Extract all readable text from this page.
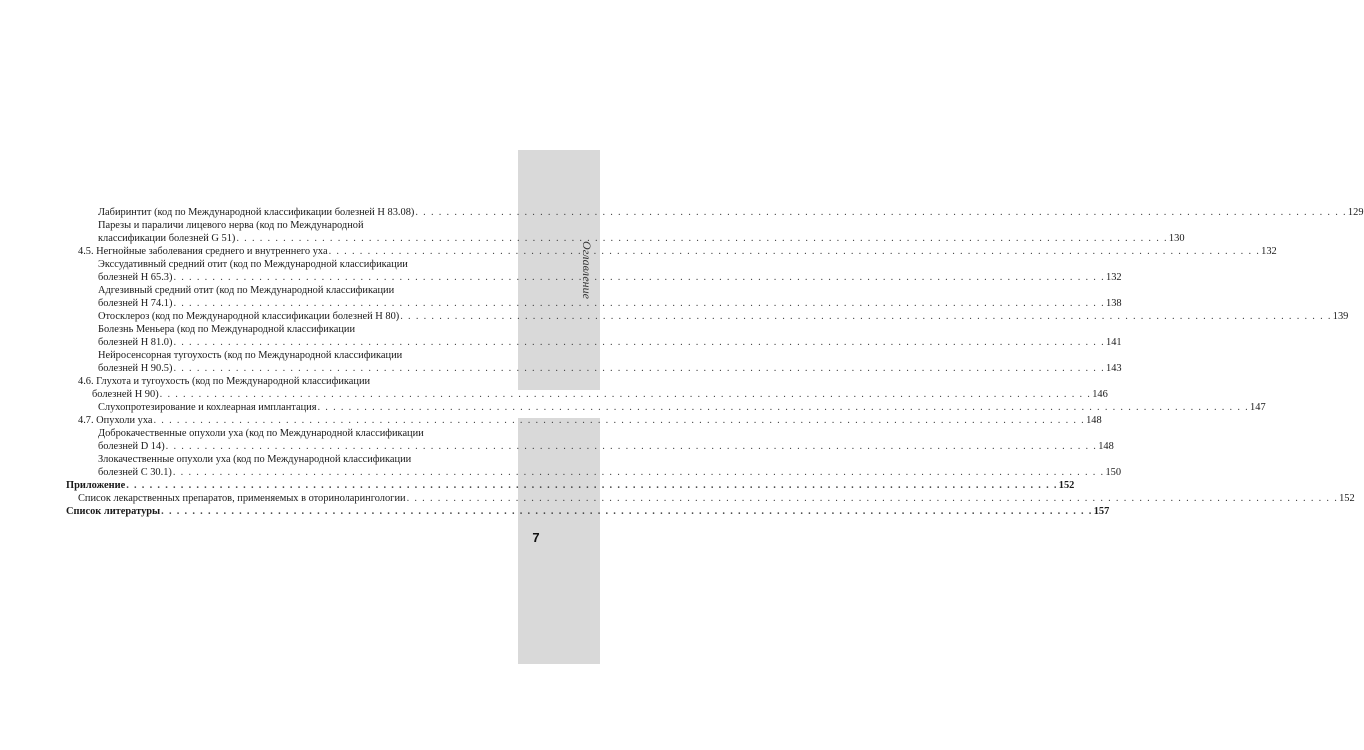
Оглавление
7
Лабиринтит (код по Международной классификации болезней H 83.08) . . . . . . . . . . . . . . . . . . . . . . . . . . . . . . . . . . . . . . . . . . . . . . . . . . . . . . . . . . . . . . . . . . . . . . . . . . . . . . . . . . . . . . . . . . . . . . . . . . . . . . . . . . . . . . . . . . . . . . . . 129
Парезы и параличи лицевого нерва (код по Международной
классификации болезней G 51) . . . . . . . . . . . . . . . . . . . . . . . . . . . . . . . . . . . . . . . . . . . . . . . . . . . . . . . . . . . . . . . . . . . . . . . . . . . . . . . . . . . . . . . . . . . . . . . . . . . . . . . . . . . . . . . . . . . . . . . . 130
4.5. Негнойные заболевания среднего и внутреннего уха . . . . . . . . . . . . . . . . . . . . . . . . . . . . . . . . . . . . . . . . . . . . . . . . . . . . . . . . . . . . . . . . . . . . . . . . . . . . . . . . . . . . . . . . . . . . . . . . . . . . . . . . . . . . . . . . . . . . . . . . 132
Экссудативный средний отит (код по Международной классификации
болезней H 65.3) . . . . . . . . . . . . . . . . . . . . . . . . . . . . . . . . . . . . . . . . . . . . . . . . . . . . . . . . . . . . . . . . . . . . . . . . . . . . . . . . . . . . . . . . . . . . . . . . . . . . . . . . . . . . . . . . . . . . . . . . 132
Адгезивный средний отит (код по Международной классификации
болезней H 74.1) . . . . . . . . . . . . . . . . . . . . . . . . . . . . . . . . . . . . . . . . . . . . . . . . . . . . . . . . . . . . . . . . . . . . . . . . . . . . . . . . . . . . . . . . . . . . . . . . . . . . . . . . . . . . . . . . . . . . . . . . 138
Отосклероз (код по Международной классификации болезней H 80) . . . . . . . . . . . . . . . . . . . . . . . . . . . . . . . . . . . . . . . . . . . . . . . . . . . . . . . . . . . . . . . . . . . . . . . . . . . . . . . . . . . . . . . . . . . . . . . . . . . . . . . . . . . . . . . . . . . . . . . . 139
Болезнь Меньера (код по Международной классификации
болезней H 81.0) . . . . . . . . . . . . . . . . . . . . . . . . . . . . . . . . . . . . . . . . . . . . . . . . . . . . . . . . . . . . . . . . . . . . . . . . . . . . . . . . . . . . . . . . . . . . . . . . . . . . . . . . . . . . . . . . . . . . . . . . 141
Нейросенсорная тугоухость (код по Международной классификации
болезней H 90.5) . . . . . . . . . . . . . . . . . . . . . . . . . . . . . . . . . . . . . . . . . . . . . . . . . . . . . . . . . . . . . . . . . . . . . . . . . . . . . . . . . . . . . . . . . . . . . . . . . . . . . . . . . . . . . . . . . . . . . . . . 143
4.6. Глухота и тугоухость (код по Международной классификации
болезней H 90) . . . . . . . . . . . . . . . . . . . . . . . . . . . . . . . . . . . . . . . . . . . . . . . . . . . . . . . . . . . . . . . . . . . . . . . . . . . . . . . . . . . . . . . . . . . . . . . . . . . . . . . . . . . . . . . . . . . . . . . . 146
Слухопротезирование и кохлеарная имплантация . . . . . . . . . . . . . . . . . . . . . . . . . . . . . . . . . . . . . . . . . . . . . . . . . . . . . . . . . . . . . . . . . . . . . . . . . . . . . . . . . . . . . . . . . . . . . . . . . . . . . . . . . . . . . . . . . . . . . . . . 147
4.7. Опухоли уха . . . . . . . . . . . . . . . . . . . . . . . . . . . . . . . . . . . . . . . . . . . . . . . . . . . . . . . . . . . . . . . . . . . . . . . . . . . . . . . . . . . . . . . . . . . . . . . . . . . . . . . . . . . . . . . . . . . . . . . . 148
Доброкачественные опухоли уха (код по Международной классификации
болезней D 14) . . . . . . . . . . . . . . . . . . . . . . . . . . . . . . . . . . . . . . . . . . . . . . . . . . . . . . . . . . . . . . . . . . . . . . . . . . . . . . . . . . . . . . . . . . . . . . . . . . . . . . . . . . . . . . . . . . . . . . . . 148
Злокачественные опухоли уха (код по Международной классификации
болезней C 30.1) . . . . . . . . . . . . . . . . . . . . . . . . . . . . . . . . . . . . . . . . . . . . . . . . . . . . . . . . . . . . . . . . . . . . . . . . . . . . . . . . . . . . . . . . . . . . . . . . . . . . . . . . . . . . . . . . . . . . . . . . 150
Приложение . . . . . . . . . . . . . . . . . . . . . . . . . . . . . . . . . . . . . . . . . . . . . . . . . . . . . . . . . . . . . . . . . . . . . . . . . . . . . . . . . . . . . . . . . . . . . . . . . . . . . . . . . . . . . . . . . . . . . . . . 152
Список лекарственных препаратов, применяемых в оториноларингологии . . . . . . . . . . . . . . . . . . . . . . . . . . . . . . . . . . . . . . . . . . . . . . . . . . . . . . . . . . . . . . . . . . . . . . . . . . . . . . . . . . . . . . . . . . . . . . . . . . . . . . . . . . . . . . . . . . . . . . . . 152
Список литературы . . . . . . . . . . . . . . . . . . . . . . . . . . . . . . . . . . . . . . . . . . . . . . . . . . . . . . . . . . . . . . . . . . . . . . . . . . . . . . . . . . . . . . . . . . . . . . . . . . . . . . . . . . . . . . . . . . . . . . . . 157
